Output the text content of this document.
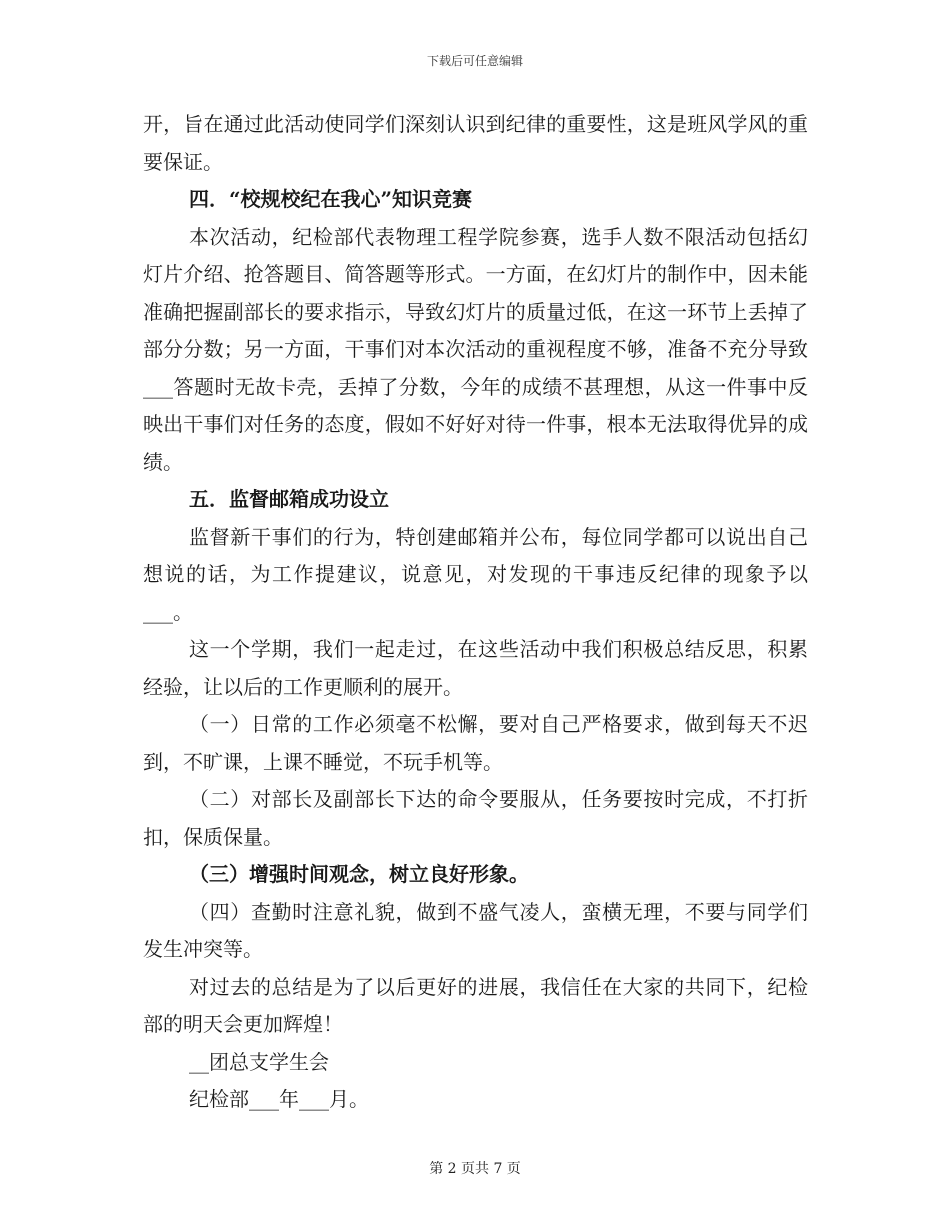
下载后可任意编辑

开，旨在通过此活动使同学们深刻认识到纪律的重要性，这是班风学风的重要保证。

四．“校规校纪在我心”知识竞赛

本次活动，纪检部代表物理工程学院参赛，选手人数不限活动包括幻灯片介绍、抢答题目、简答题等形式。一方面，在幻灯片的制作中，因未能准确把握副部长的要求指示，导致幻灯片的质量过低，在这一环节上丢掉了部分分数；另一方面，干事们对本次活动的重视程度不够，准备不充分导致___答题时无故卡壳，丢掉了分数，今年的成绩不甚理想，从这一件事中反映出干事们对任务的态度，假如不好好对待一件事，根本无法取得优异的成绩。

五．监督邮箱成功设立

监督新干事们的行为，特创建邮箱并公布，每位同学都可以说出自己想说的话，为工作提建议，说意见，对发现的干事违反纪律的现象予以___。

这一个学期，我们一起走过，在这些活动中我们积极总结反思，积累经验，让以后的工作更顺利的展开。

（一）日常的工作必须毫不松懈，要对自己严格要求，做到每天不迟到，不旷课，上课不睡觉，不玩手机等。

（二）对部长及副部长下达的命令要服从，任务要按时完成，不打折扣，保质保量。

（三）增强时间观念，树立良好形象。

（四）查勤时注意礼貌，做到不盛气凌人，蛮横无理，不要与同学们发生冲突等。

对过去的总结是为了以后更好的进展，我信任在大家的共同下，纪检部的明天会更加辉煌！

__团总支学生会

纪检部___年___月。

第 2 页共 7 页
